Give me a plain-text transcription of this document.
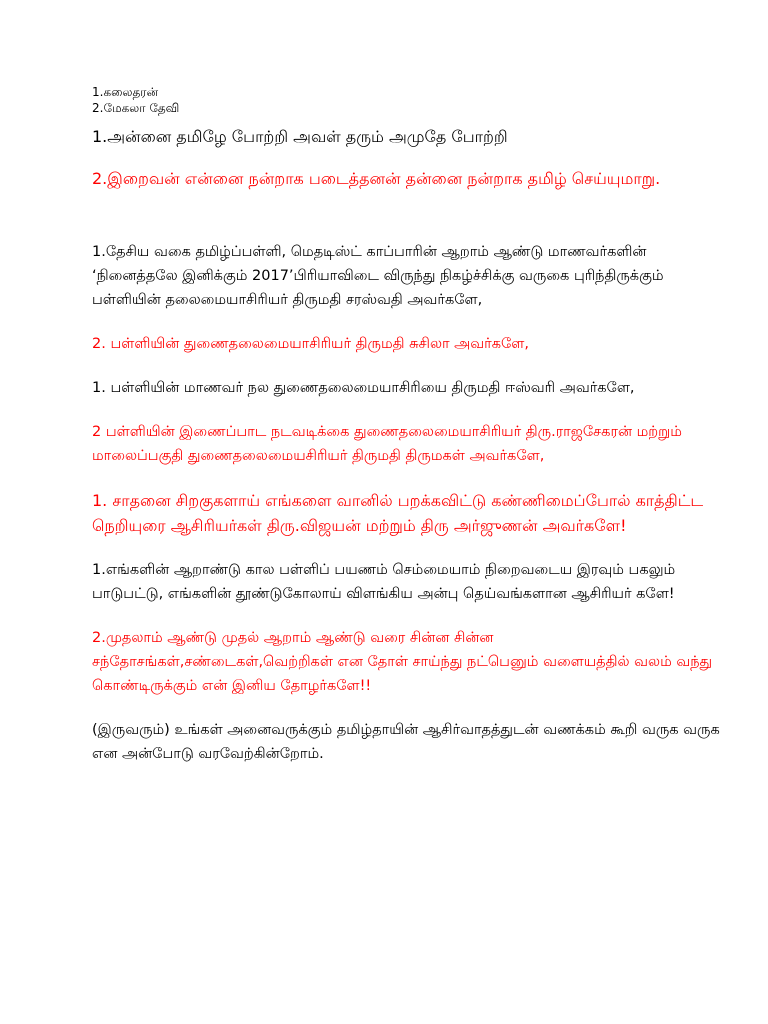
1.கலைதரன்

2.மேகலா தேவி

1.அன்னை தமிழே போற்றி அவள் தரும் அமுதே போற்றி

2.இறைவன் என்னை நன்றாக படைத்தனன் தன்னை நன்றாக தமிழ் செய்யுமாறு.

1.தேசிய வகை தமிழ்ப்பள்ளி, மெதடிஸ்ட் காப்பாரின் ஆறாம் ஆண்டு மாணவர்களின் ‘நினைத்தலே இனிக்கும் 2017’பிரியாவிடை விருந்து நிகழ்ச்சிக்கு வருகை புரிந்திருக்கும் பள்ளியின் தலைமையாசிரியர் திருமதி சரஸ்வதி அவர்களே,

2. பள்ளியின் துணைதலைமையாசிரியர் திருமதி சுசிலா அவர்களே,

1. பள்ளியின் மாணவர் நல துணைதலைமையாசிரியை திருமதி ஈஸ்வரி அவர்களே,

2 பள்ளியின் இணைப்பாட நடவடிக்கை துணைதலைமையாசிரியர் திரு.ராஜசேகரன் மற்றும் மாலைப்பகுதி துணைதலைமையசிரியர் திருமதி திருமகள் அவர்களே,

1. சாதனை சிறகுகளாய் எங்களை வானில் பறக்கவிட்டு கண்ணிமைப்போல் காத்திட்ட நெறியுரை ஆசிரியர்கள் திரு.விஜயன் மற்றும் திரு அர்ஜுணன் அவர்களே!

1.எங்களின் ஆறாண்டு கால பள்ளிப் பயணம் செம்மையாம் நிறைவடைய இரவும் பகலும் பாடுபட்டு, எங்களின் தூண்டுகோலாய் விளங்கிய அன்பு தெய்வங்களான ஆசிரியர் களே!

2.முதலாம் ஆண்டு முதல் ஆறாம் ஆண்டு வரை சின்ன சின்ன சந்தோசங்கள்,சண்டைகள்,வெற்றிகள் என தோள் சாய்ந்து நட்பெனும் வளையத்தில் வலம் வந்து கொண்டிருக்கும் என் இனிய தோழர்களே!!

(இருவரும்) உங்கள் அனைவருக்கும் தமிழ்தாயின் ஆசிர்வாதத்துடன் வணக்கம் கூறி வருக வருக என அன்போடு வரவேற்கின்றோம்.
